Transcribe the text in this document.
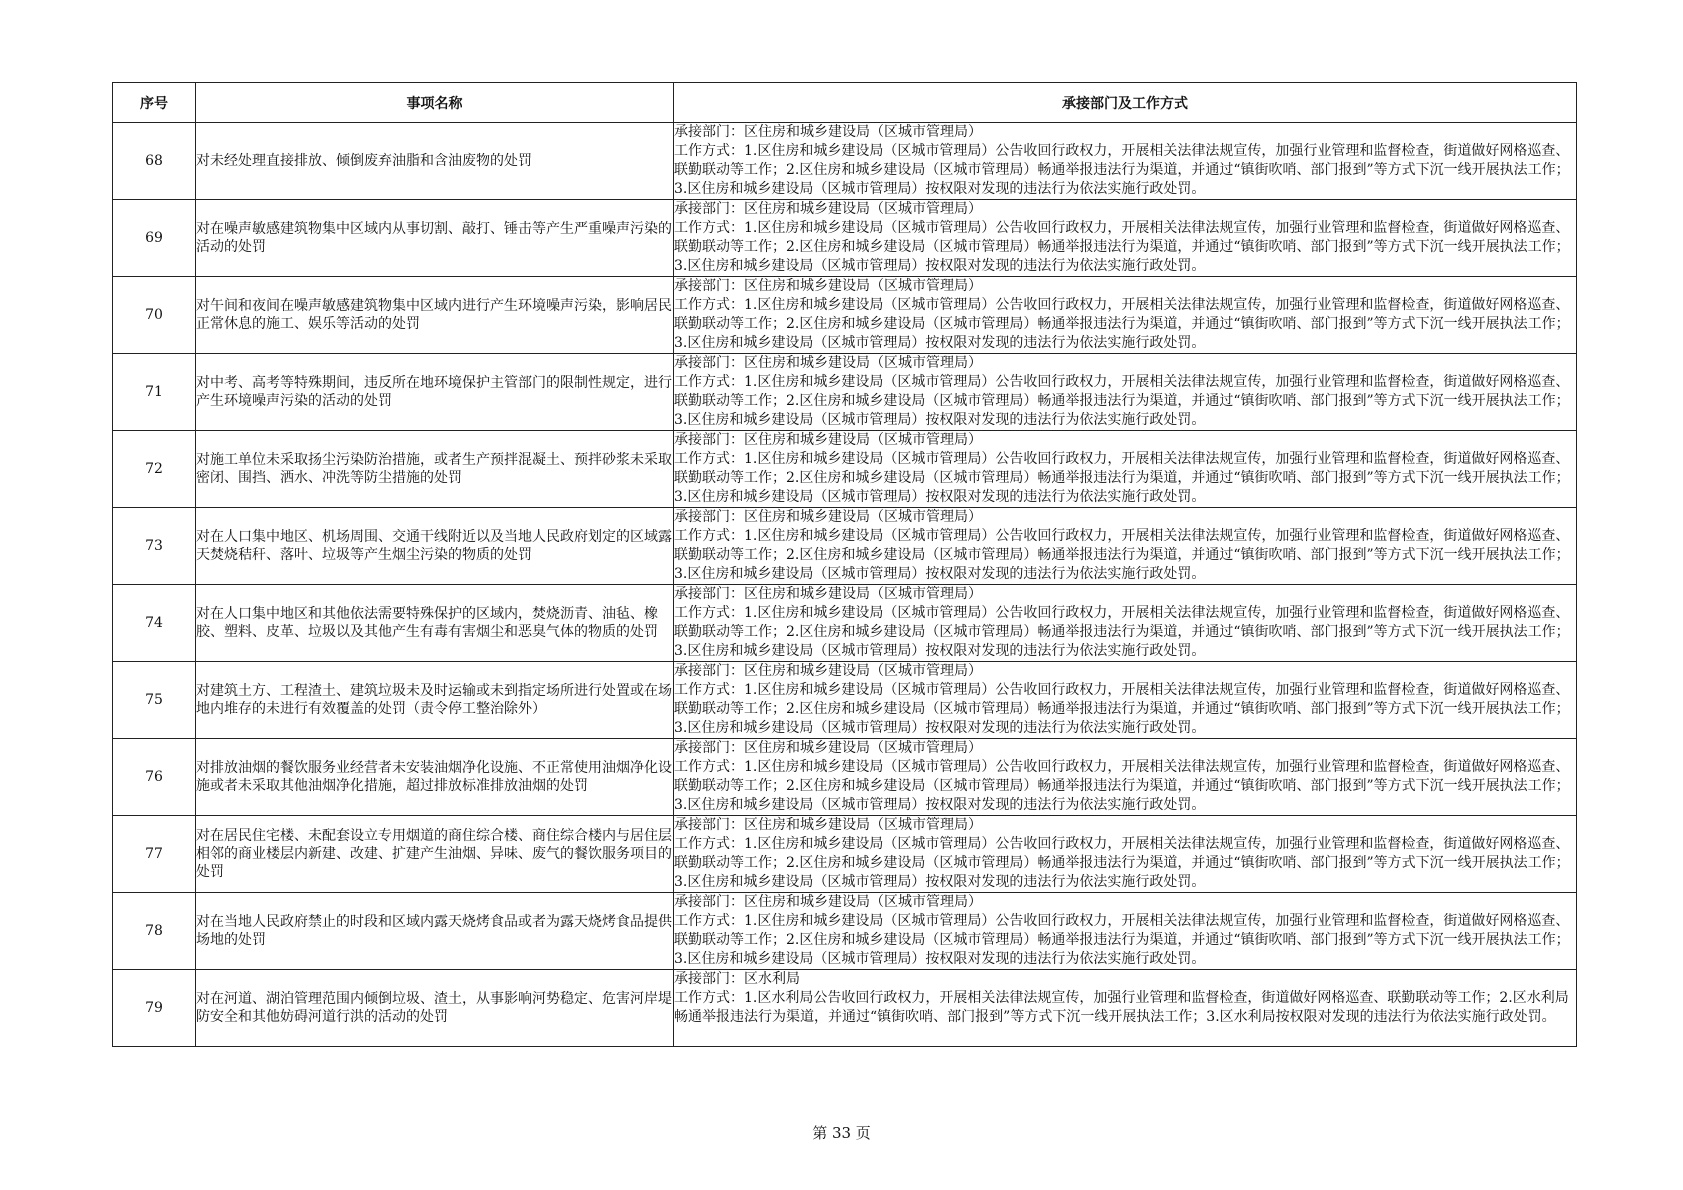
序号	事项名称	承接部门及工作方式
68	对未经处理直接排放、倾倒废弃油脂和含油废物的处罚	承接部门：区住房和城乡建设局（区城市管理局）
工作方式：1.区住房和城乡建设局（区城市管理局）公告收回行政权力，开展相关法律法规宣传，加强行业管理和监督检查，街道做好网格巡查、联勤联动等工作；2.区住房和城乡建设局（区城市管理局）畅通举报违法行为渠道，并通过“镇街吹哨、部门报到”等方式下沉一线开展执法工作；3.区住房和城乡建设局（区城市管理局）按权限对发现的违法行为依法实施行政处罚。

69	对在噪声敏感建筑物集中区域内从事切割、敲打、锤击等产生严重噪声污染的活动的处罚	承接部门：区住房和城乡建设局（区城市管理局）
工作方式：1.区住房和城乡建设局（区城市管理局）公告收回行政权力，开展相关法律法规宣传，加强行业管理和监督检查，街道做好网格巡查、联勤联动等工作；2.区住房和城乡建设局（区城市管理局）畅通举报违法行为渠道，并通过“镇街吹哨、部门报到”等方式下沉一线开展执法工作；3.区住房和城乡建设局（区城市管理局）按权限对发现的违法行为依法实施行政处罚。

70	对午间和夜间在噪声敏感建筑物集中区域内进行产生环境噪声污染，影响居民正常休息的施工、娱乐等活动的处罚	承接部门：区住房和城乡建设局（区城市管理局）
工作方式：1.区住房和城乡建设局（区城市管理局）公告收回行政权力，开展相关法律法规宣传，加强行业管理和监督检查，街道做好网格巡查、联勤联动等工作；2.区住房和城乡建设局（区城市管理局）畅通举报违法行为渠道，并通过“镇街吹哨、部门报到”等方式下沉一线开展执法工作；3.区住房和城乡建设局（区城市管理局）按权限对发现的违法行为依法实施行政处罚。

71	对中考、高考等特殊期间，违反所在地环境保护主管部门的限制性规定，进行产生环境噪声污染的活动的处罚	承接部门：区住房和城乡建设局（区城市管理局）
工作方式：1.区住房和城乡建设局（区城市管理局）公告收回行政权力，开展相关法律法规宣传，加强行业管理和监督检查，街道做好网格巡查、联勤联动等工作；2.区住房和城乡建设局（区城市管理局）畅通举报违法行为渠道，并通过“镇街吹哨、部门报到”等方式下沉一线开展执法工作；3.区住房和城乡建设局（区城市管理局）按权限对发现的违法行为依法实施行政处罚。

72	对施工单位未采取扬尘污染防治措施，或者生产预拌混凝土、预拌砂浆未采取密闭、围挡、洒水、冲洗等防尘措施的处罚	承接部门：区住房和城乡建设局（区城市管理局）
工作方式：1.区住房和城乡建设局（区城市管理局）公告收回行政权力，开展相关法律法规宣传，加强行业管理和监督检查，街道做好网格巡查、联勤联动等工作；2.区住房和城乡建设局（区城市管理局）畅通举报违法行为渠道，并通过“镇街吹哨、部门报到”等方式下沉一线开展执法工作；3.区住房和城乡建设局（区城市管理局）按权限对发现的违法行为依法实施行政处罚。

73	对在人口集中地区、机场周围、交通干线附近以及当地人民政府划定的区域露天焚烧秸秆、落叶、垃圾等产生烟尘污染的物质的处罚	承接部门：区住房和城乡建设局（区城市管理局）
工作方式：1.区住房和城乡建设局（区城市管理局）公告收回行政权力，开展相关法律法规宣传，加强行业管理和监督检查，街道做好网格巡查、联勤联动等工作；2.区住房和城乡建设局（区城市管理局）畅通举报违法行为渠道，并通过“镇街吹哨、部门报到”等方式下沉一线开展执法工作；3.区住房和城乡建设局（区城市管理局）按权限对发现的违法行为依法实施行政处罚。

74	对在人口集中地区和其他依法需要特殊保护的区域内，焚烧沥青、油毡、橡胶、塑料、皮革、垃圾以及其他产生有毒有害烟尘和恶臭气体的物质的处罚	承接部门：区住房和城乡建设局（区城市管理局）
工作方式：1.区住房和城乡建设局（区城市管理局）公告收回行政权力，开展相关法律法规宣传，加强行业管理和监督检查，街道做好网格巡查、联勤联动等工作；2.区住房和城乡建设局（区城市管理局）畅通举报违法行为渠道，并通过“镇街吹哨、部门报到”等方式下沉一线开展执法工作；3.区住房和城乡建设局（区城市管理局）按权限对发现的违法行为依法实施行政处罚。

75	对建筑土方、工程渣土、建筑垃圾未及时运输或未到指定场所进行处置或在场地内堆存的未进行有效覆盖的处罚（责令停工整治除外）	承接部门：区住房和城乡建设局（区城市管理局）
工作方式：1.区住房和城乡建设局（区城市管理局）公告收回行政权力，开展相关法律法规宣传，加强行业管理和监督检查，街道做好网格巡查、联勤联动等工作；2.区住房和城乡建设局（区城市管理局）畅通举报违法行为渠道，并通过“镇街吹哨、部门报到”等方式下沉一线开展执法工作；3.区住房和城乡建设局（区城市管理局）按权限对发现的违法行为依法实施行政处罚。

76	对排放油烟的餐饮服务业经营者未安装油烟净化设施、不正常使用油烟净化设施或者未采取其他油烟净化措施，超过排放标准排放油烟的处罚	承接部门：区住房和城乡建设局（区城市管理局）
工作方式：1.区住房和城乡建设局（区城市管理局）公告收回行政权力，开展相关法律法规宣传，加强行业管理和监督检查，街道做好网格巡查、联勤联动等工作；2.区住房和城乡建设局（区城市管理局）畅通举报违法行为渠道，并通过“镇街吹哨、部门报到”等方式下沉一线开展执法工作；3.区住房和城乡建设局（区城市管理局）按权限对发现的违法行为依法实施行政处罚。

77	对在居民住宅楼、未配套设立专用烟道的商住综合楼、商住综合楼内与居住层相邻的商业楼层内新建、改建、扩建产生油烟、异味、废气的餐饮服务项目的处罚	承接部门：区住房和城乡建设局（区城市管理局）
工作方式：1.区住房和城乡建设局（区城市管理局）公告收回行政权力，开展相关法律法规宣传，加强行业管理和监督检查，街道做好网格巡查、联勤联动等工作；2.区住房和城乡建设局（区城市管理局）畅通举报违法行为渠道，并通过“镇街吹哨、部门报到”等方式下沉一线开展执法工作；3.区住房和城乡建设局（区城市管理局）按权限对发现的违法行为依法实施行政处罚。

78	对在当地人民政府禁止的时段和区域内露天烧烤食品或者为露天烧烤食品提供场地的处罚	承接部门：区住房和城乡建设局（区城市管理局）
工作方式：1.区住房和城乡建设局（区城市管理局）公告收回行政权力，开展相关法律法规宣传，加强行业管理和监督检查，街道做好网格巡查、联勤联动等工作；2.区住房和城乡建设局（区城市管理局）畅通举报违法行为渠道，并通过“镇街吹哨、部门报到”等方式下沉一线开展执法工作；3.区住房和城乡建设局（区城市管理局）按权限对发现的违法行为依法实施行政处罚。

79	对在河道、湖泊管理范围内倾倒垃圾、渣土，从事影响河势稳定、危害河岸堤防安全和其他妨碍河道行洪的活动的处罚	承接部门：区水利局
工作方式：1.区水利局公告收回行政权力，开展相关法律法规宣传，加强行业管理和监督检查，街道做好网格巡查、联勤联动等工作；2.区水利局畅通举报违法行为渠道，并通过“镇街吹哨、部门报到”等方式下沉一线开展执法工作；3.区水利局按权限对发现的违法行为依法实施行政处罚。
第 33 页
